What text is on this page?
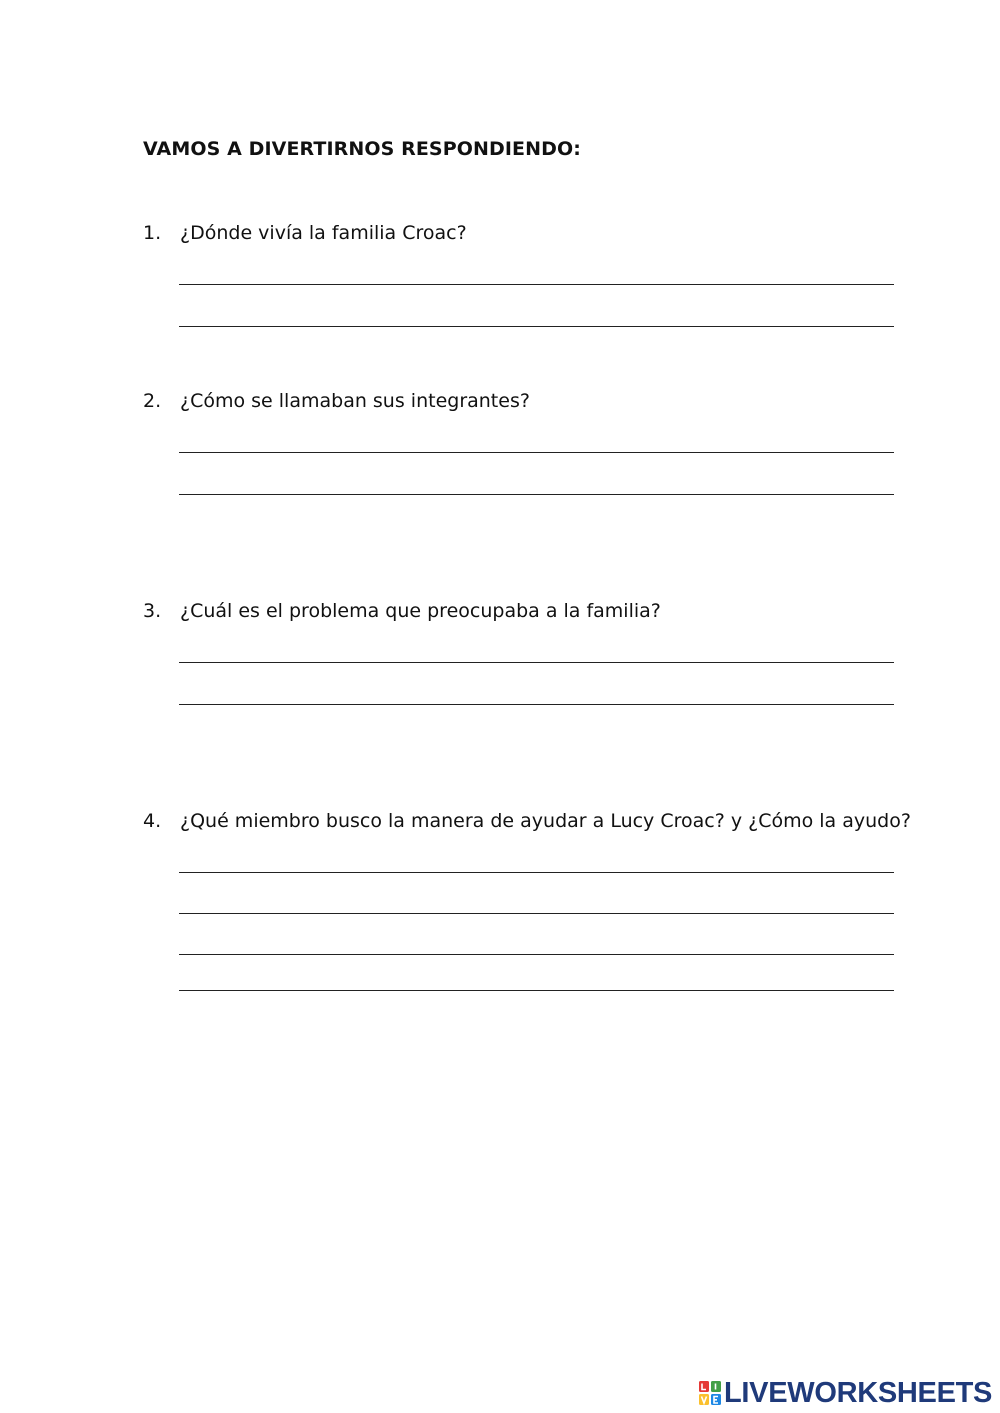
VAMOS A DIVERTIRNOS RESPONDIENDO:
1. ¿Dónde vivía la familia Croac?
2. ¿Cómo se llamaban sus integrantes?
3. ¿Cuál es el problema que preocupaba a la familia?
4. ¿Qué miembro busco la manera de ayudar a Lucy Croac? y ¿Cómo la ayudo?
LIVEWORKSHEETS
